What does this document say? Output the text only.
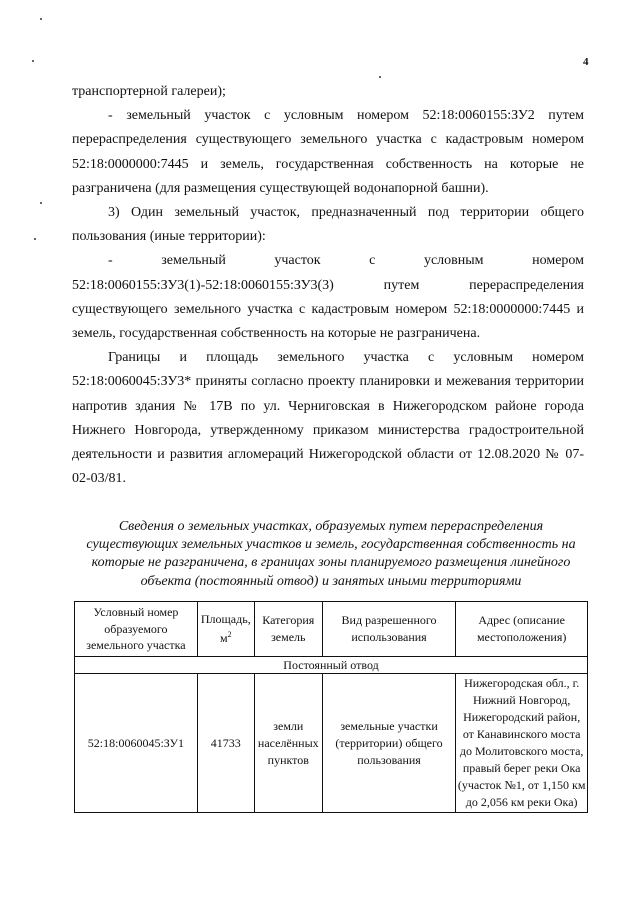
4

транспортерной галереи);

- земельный участок с условным номером 52:18:0060155:ЗУ2 путем перераспределения существующего земельного участка с кадастровым номером 52:18:0000000:7445 и земель, государственная собственность на которые не разграничена (для размещения существующей водонапорной башни).

3) Один земельный участок, предназначенный под территории общего пользования (иные территории):

- земельный участок с условным номером 52:18:0060155:ЗУ3(1)-52:18:0060155:ЗУ3(3) путем перераспределения существующего земельного участка с кадастровым номером 52:18:0000000:7445 и земель, государственная собственность на которые не разграничена.

Границы и площадь земельного участка с условным номером 52:18:0060045:ЗУ3* приняты согласно проекту планировки и межевания территории напротив здания № 17В по ул. Черниговская в Нижегородском районе города Нижнего Новгорода, утвержденному приказом министерства градостроительной деятельности и развития агломераций Нижегородской области от 12.08.2020 № 07-02-03/81.

Сведения о земельных участках, образуемых путем перераспределения существующих земельных участков и земель, государственная собственность на которые не разграничена, в границах зоны планируемого размещения линейного объекта (постоянный отвод) и занятых иными территориями
Условный номер образуемого земельного участка	Площадь, $м^2$	Категория земель	Вид разрешенного использования	Адрес (описание местоположения)
Постоянный отвод				
52:18:0060045:ЗУ1	41733	земли населённых пунктов	земельные участки (территории) общего пользования	Нижегородская обл., г. Нижний Новгород, Нижегородский район, от Канавинского моста до Молитовского моста, правый берег реки Ока (участок №1, от 1,150 км до 2,056 км реки Ока)
